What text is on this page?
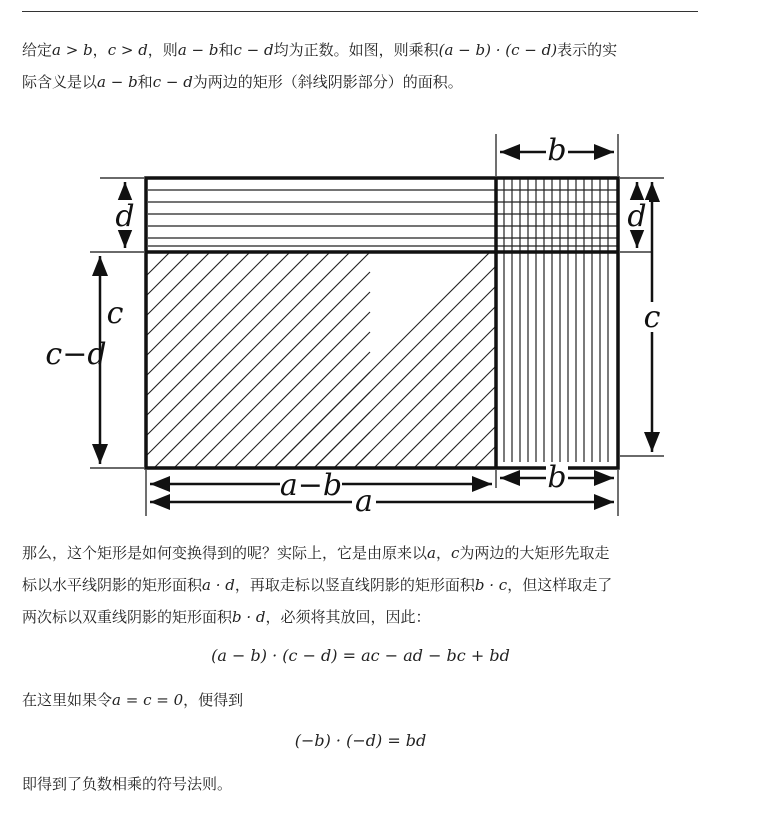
给定a > b，c > d，则a − b和c − d均为正数。如图，则乘积(a − b) · (c − d)表示的实
际含义是以a − b和c − d为两边的矩形（斜线阴影部分）的面积。
b
d	d
c
c−d
c
a−b	b
a
那么，这个矩形是如何变换得到的呢？实际上，它是由原来以a，c为两边的大矩形先取走
标以水平线阴影的矩形面积a · d，再取走标以竖直线阴影的矩形面积b · c，但这样取走了
两次标以双重线阴影的矩形面积b · d，必须将其放回，因此：
(a − b) · (c − d) = ac − ad − bc + bd
在这里如果令a = c = 0，便得到
(−b) · (−d) = bd
即得到了负数相乘的符号法则。
